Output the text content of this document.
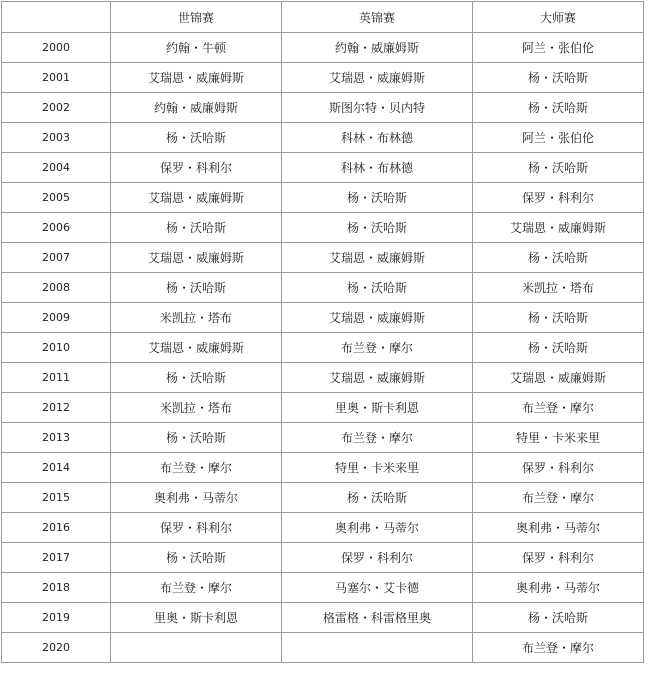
	世锦赛	英锦赛	大师赛
2000	约翰・牛顿	约翰・威廉姆斯	阿兰・张伯伦
2001	艾瑞恩・威廉姆斯	艾瑞恩・威廉姆斯	杨・沃哈斯
2002	约翰・威廉姆斯	斯图尔特・贝内特	杨・沃哈斯
2003	杨・沃哈斯	科林・布林德	阿兰・张伯伦
2004	保罗・科利尔	科林・布林德	杨・沃哈斯
2005	艾瑞恩・威廉姆斯	杨・沃哈斯	保罗・科利尔
2006	杨・沃哈斯	杨・沃哈斯	艾瑞恩・威廉姆斯
2007	艾瑞恩・威廉姆斯	艾瑞恩・威廉姆斯	杨・沃哈斯
2008	杨・沃哈斯	杨・沃哈斯	米凯拉・塔布
2009	米凯拉・塔布	艾瑞恩・威廉姆斯	杨・沃哈斯
2010	艾瑞恩・威廉姆斯	布兰登・摩尔	杨・沃哈斯
2011	杨・沃哈斯	艾瑞恩・威廉姆斯	艾瑞恩・威廉姆斯
2012	米凯拉・塔布	里奥・斯卡利恩	布兰登・摩尔
2013	杨・沃哈斯	布兰登・摩尔	特里・卡米来里
2014	布兰登・摩尔	特里・卡米来里	保罗・科利尔
2015	奥利弗・马蒂尔	杨・沃哈斯	布兰登・摩尔
2016	保罗・科利尔	奥利弗・马蒂尔	奥利弗・马蒂尔
2017	杨・沃哈斯	保罗・科利尔	保罗・科利尔
2018	布兰登・摩尔	马塞尔・艾卡德	奥利弗・马蒂尔
2019	里奥・斯卡利恩	格雷格・科雷格里奥	杨・沃哈斯
2020			布兰登・摩尔
